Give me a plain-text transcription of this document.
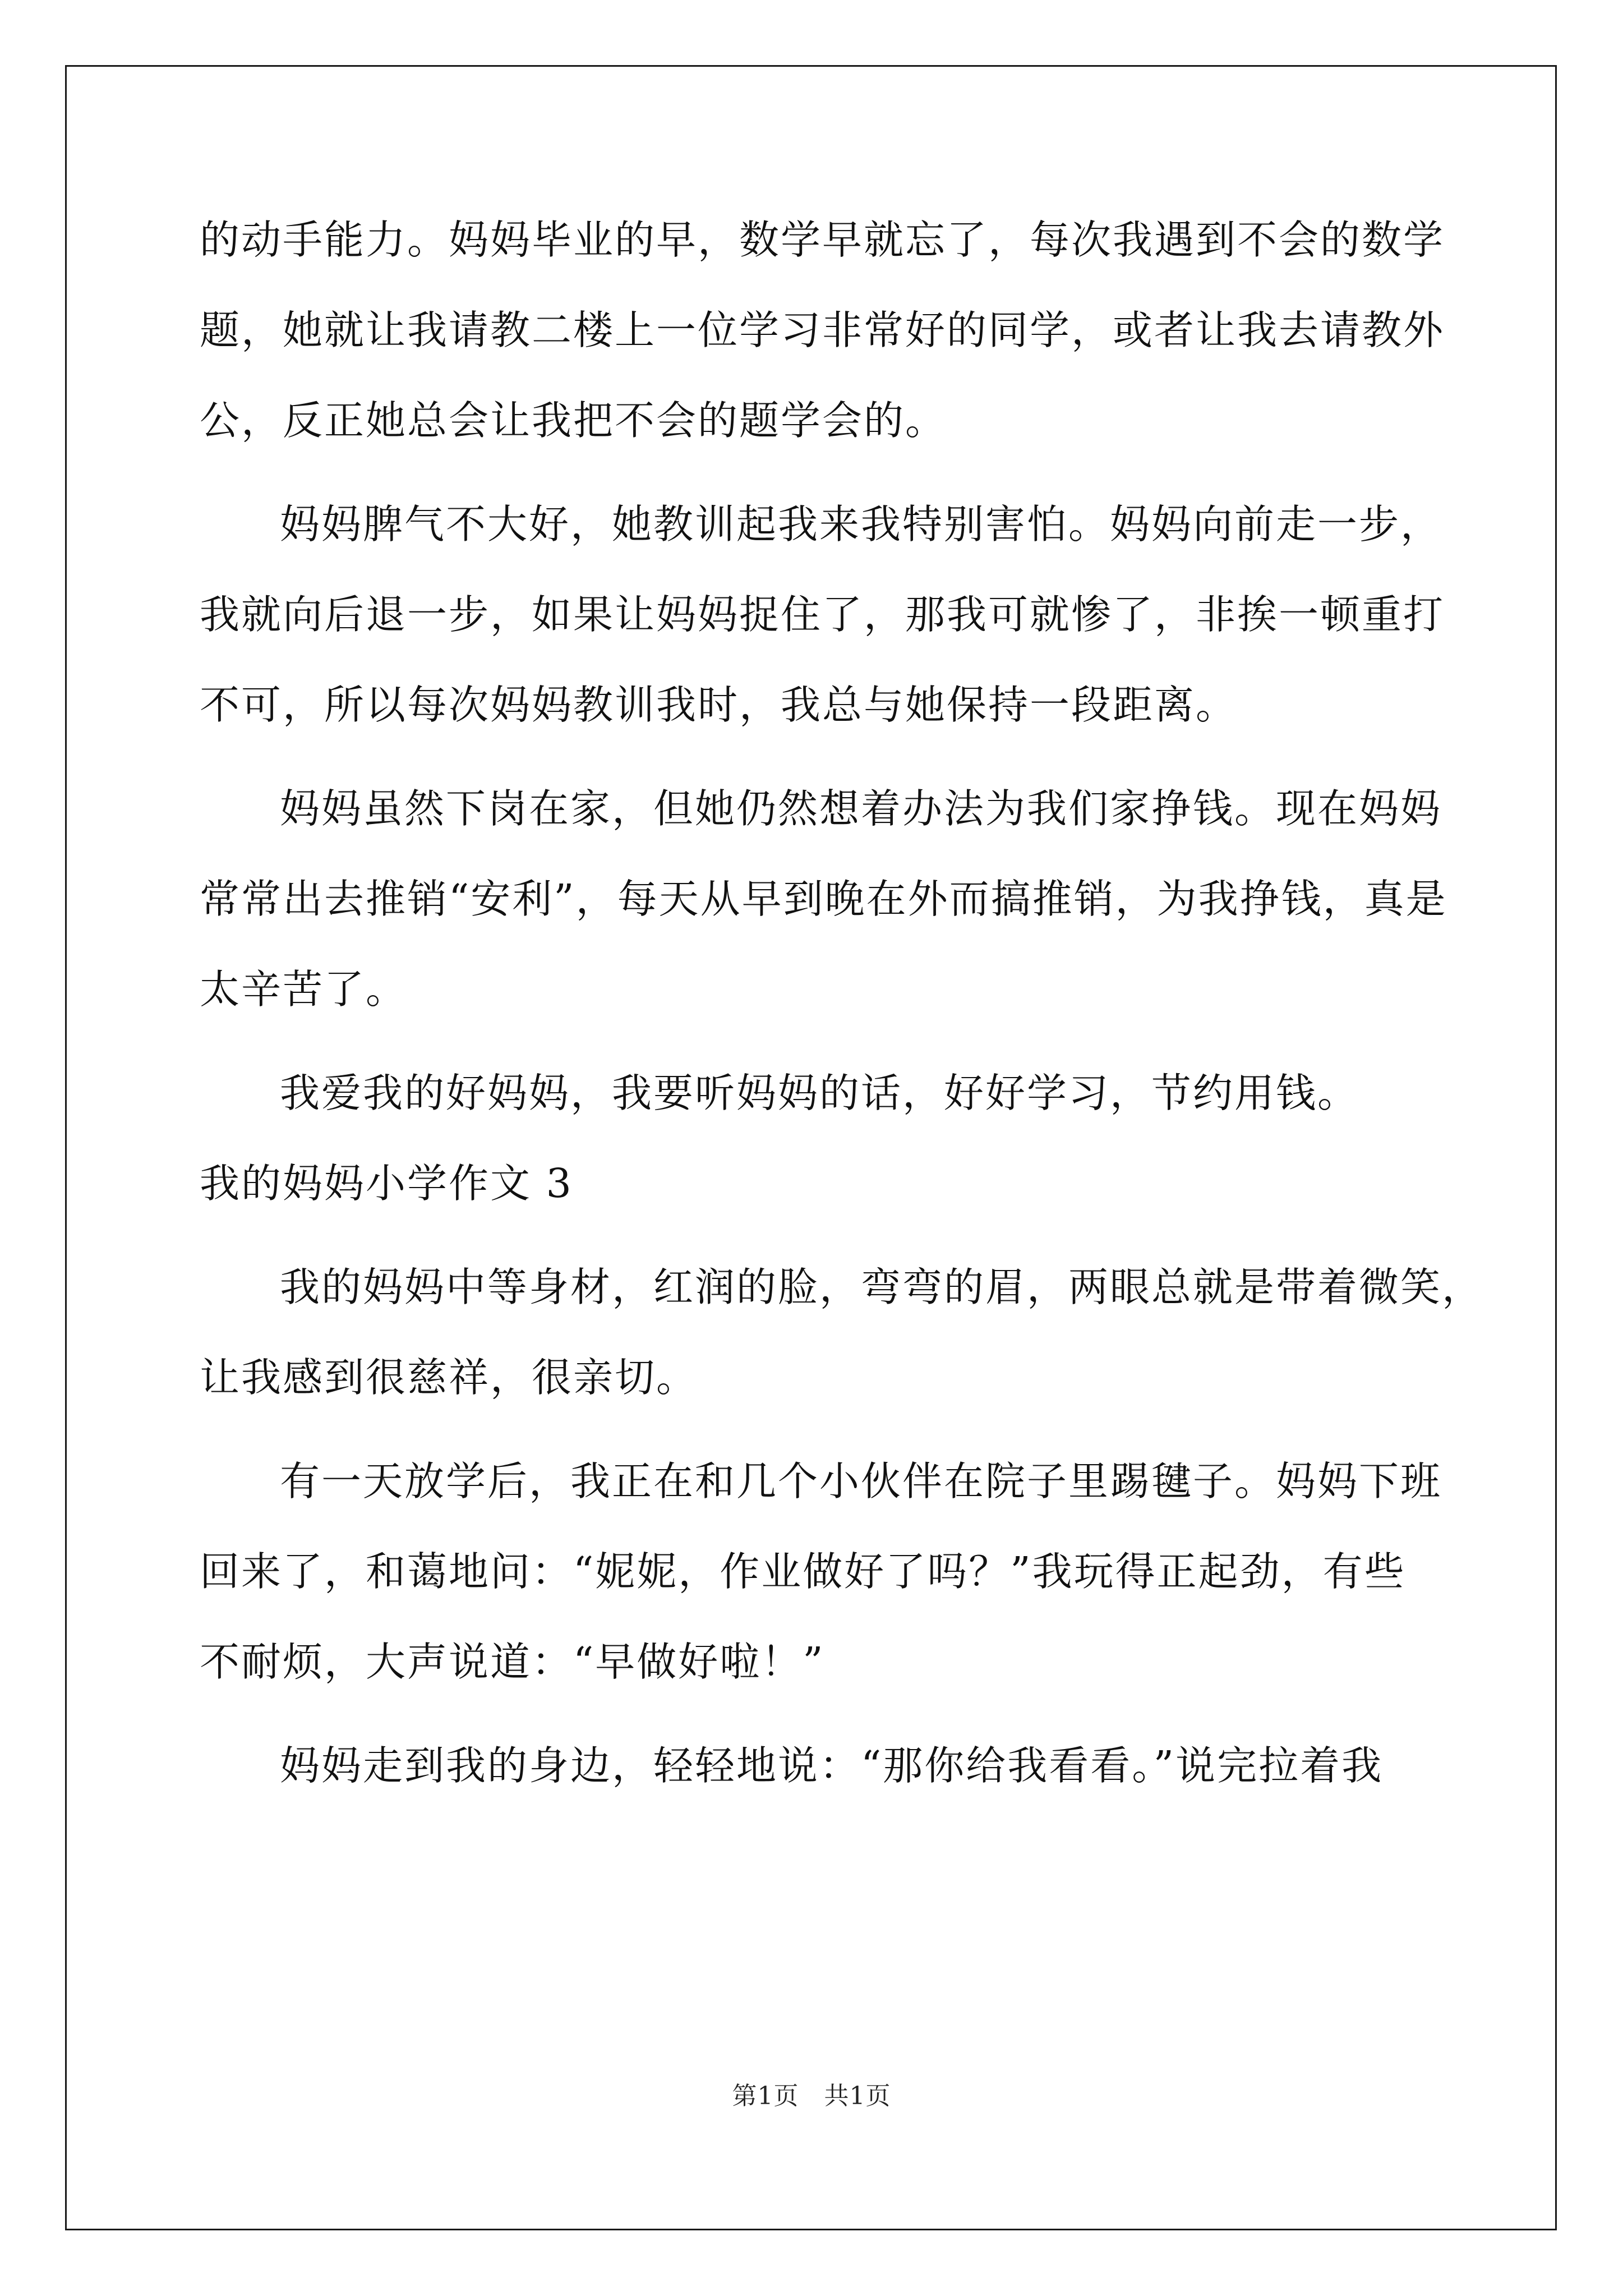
的动手能力。妈妈毕业的早，数学早就忘了，每次我遇到不会的数学
题，她就让我请教二楼上一位学习非常好的同学，或者让我去请教外
公，反正她总会让我把不会的题学会的。
妈妈脾气不大好，她教训起我来我特别害怕。妈妈向前走一步，
我就向后退一步，如果让妈妈捉住了，那我可就惨了，非挨一顿重打
不可，所以每次妈妈教训我时，我总与她保持一段距离。
妈妈虽然下岗在家，但她仍然想着办法为我们家挣钱。现在妈妈
常常出去推销“安利”，每天从早到晚在外而搞推销，为我挣钱，真是
太辛苦了。
我爱我的好妈妈，我要听妈妈的话，好好学习，节约用钱。
我的妈妈小学作文 3
我的妈妈中等身材，红润的脸，弯弯的眉，两眼总就是带着微笑，
让我感到很慈祥，很亲切。
有一天放学后，我正在和几个小伙伴在院子里踢毽子。妈妈下班
回来了，和蔼地问：“妮妮，作业做好了吗？”我玩得正起劲，有些
不耐烦，大声说道：“早做好啦！”
妈妈走到我的身边，轻轻地说：“那你给我看看。”说完拉着我
第1页　共1页
